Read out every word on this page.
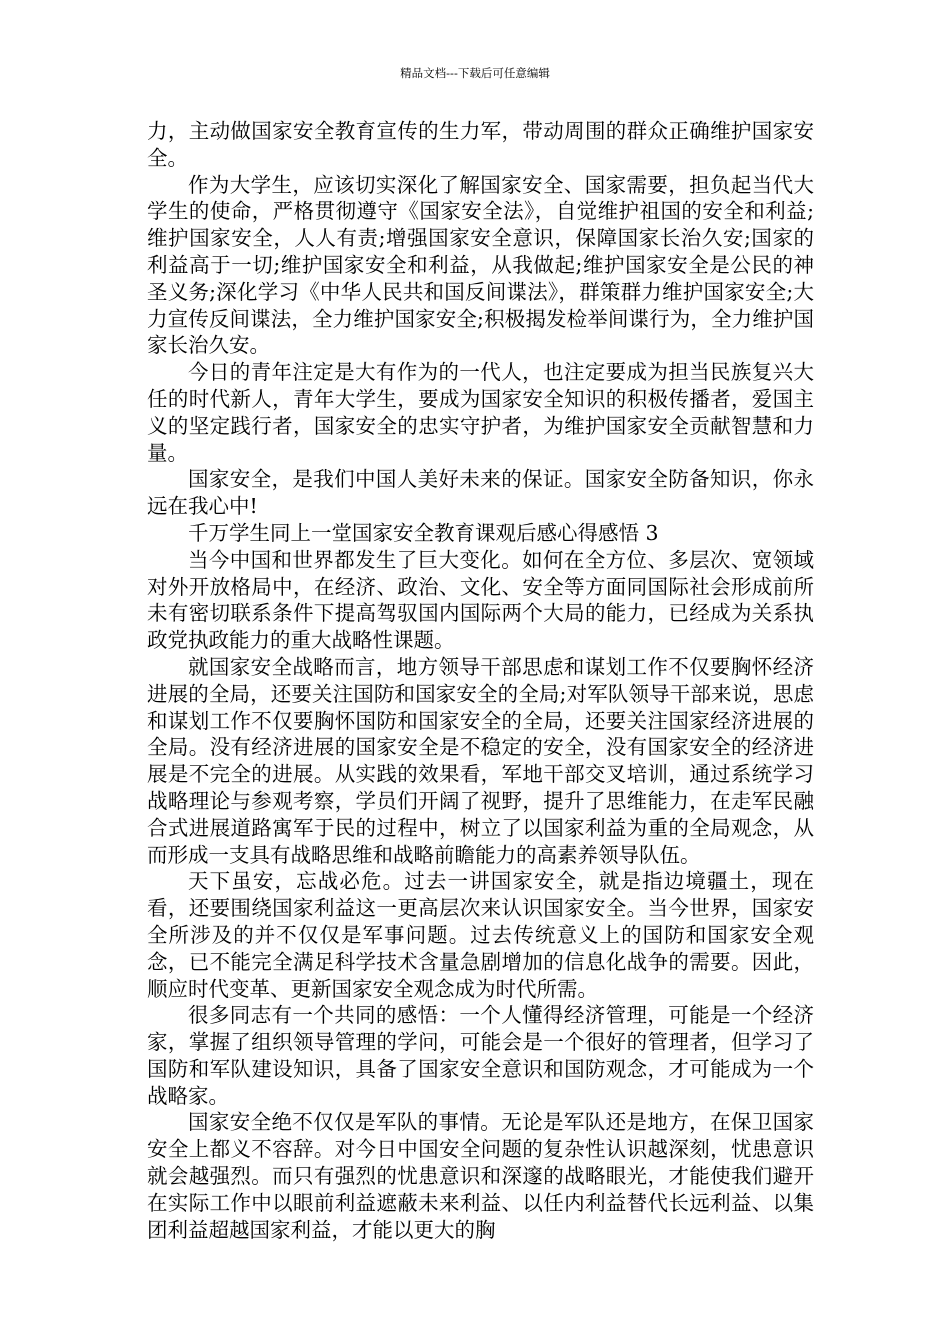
精品文档---下载后可任意编辑

力，主动做国家安全教育宣传的生力军，带动周围的群众正确维护国家安全。

作为大学生，应该切实深化了解国家安全、国家需要，担负起当代大学生的使命，严格贯彻遵守《国家安全法》，自觉维护祖国的安全和利益;维护国家安全，人人有责;增强国家安全意识，保障国家长治久安;国家的利益高于一切;维护国家安全和利益，从我做起;维护国家安全是公民的神圣义务;深化学习《中华人民共和国反间谍法》，群策群力维护国家安全;大力宣传反间谍法，全力维护国家安全;积极揭发检举间谍行为，全力维护国家长治久安。

今日的青年注定是大有作为的一代人，也注定要成为担当民族复兴大任的时代新人，青年大学生，要成为国家安全知识的积极传播者，爱国主义的坚定践行者，国家安全的忠实守护者，为维护国家安全贡献智慧和力量。

国家安全，是我们中国人美好未来的保证。国家安全防备知识，你永远在我心中!

千万学生同上一堂国家安全教育课观后感心得感悟 3

当今中国和世界都发生了巨大变化。如何在全方位、多层次、宽领域对外开放格局中，在经济、政治、文化、安全等方面同国际社会形成前所未有密切联系条件下提高驾驭国内国际两个大局的能力，已经成为关系执政党执政能力的重大战略性课题。

就国家安全战略而言，地方领导干部思虑和谋划工作不仅要胸怀经济进展的全局，还要关注国防和国家安全的全局;对军队领导干部来说，思虑和谋划工作不仅要胸怀国防和国家安全的全局，还要关注国家经济进展的全局。没有经济进展的国家安全是不稳定的安全，没有国家安全的经济进展是不完全的进展。从实践的效果看，军地干部交叉培训，通过系统学习战略理论与参观考察，学员们开阔了视野，提升了思维能力，在走军民融合式进展道路寓军于民的过程中，树立了以国家利益为重的全局观念，从而形成一支具有战略思维和战略前瞻能力的高素养领导队伍。

天下虽安，忘战必危。过去一讲国家安全，就是指边境疆土，现在看，还要围绕国家利益这一更高层次来认识国家安全。当今世界，国家安全所涉及的并不仅仅是军事问题。过去传统意义上的国防和国家安全观念，已不能完全满足科学技术含量急剧增加的信息化战争的需要。因此，顺应时代变革、更新国家安全观念成为时代所需。

很多同志有一个共同的感悟：一个人懂得经济管理，可能是一个经济家，掌握了组织领导管理的学问，可能会是一个很好的管理者，但学习了国防和军队建设知识，具备了国家安全意识和国防观念，才可能成为一个战略家。

国家安全绝不仅仅是军队的事情。无论是军队还是地方，在保卫国家安全上都义不容辞。对今日中国安全问题的复杂性认识越深刻，忧患意识就会越强烈。而只有强烈的忧患意识和深邃的战略眼光，才能使我们避开在实际工作中以眼前利益遮蔽未来利益、以任内利益替代长远利益、以集团利益超越国家利益，才能以更大的胸
